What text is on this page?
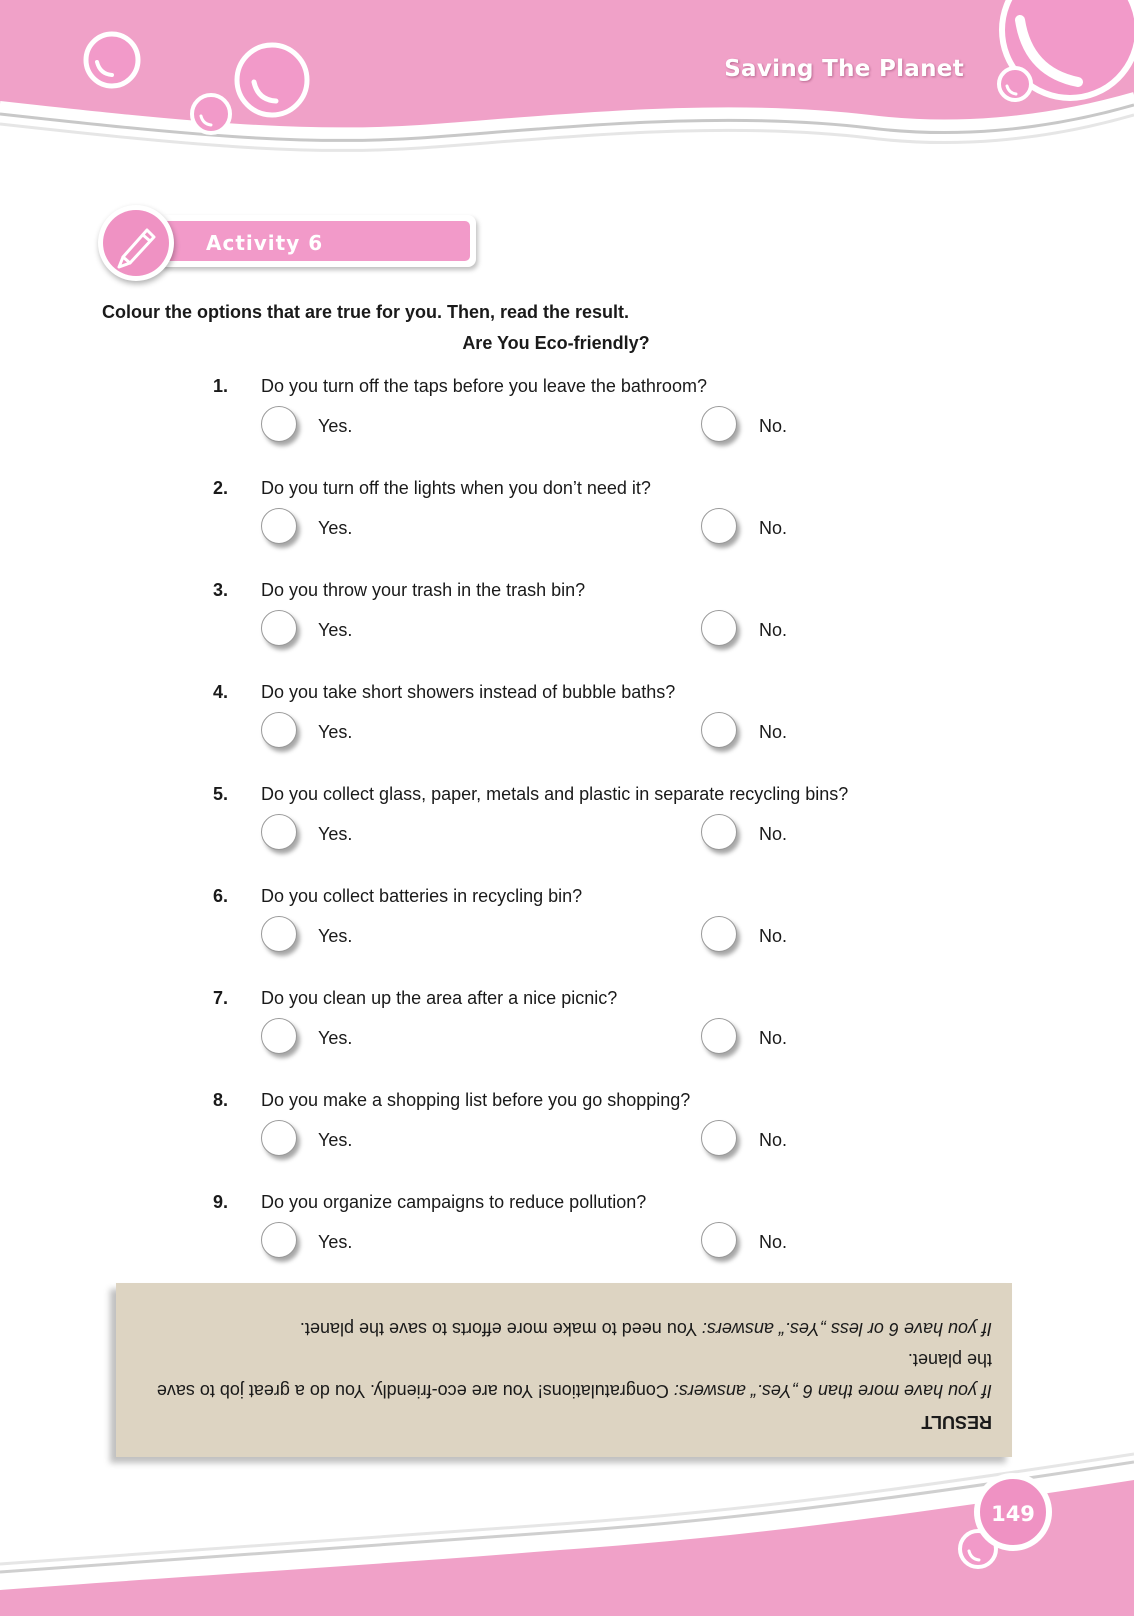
Saving The Planet
Activity 6
Colour the options that are true for you. Then, read the result.
Are You Eco-friendly?
1. Do you turn off the taps before you leave the bathroom?
Yes.	No.
2. Do you turn off the lights when you don’t need it?
Yes.	No.
3. Do you throw your trash in the trash bin?
Yes.	No.
4. Do you take short showers instead of bubble baths?
Yes.	No.
5. Do you collect glass, paper, metals and plastic in separate recycling bins?
Yes.	No.
6. Do you collect batteries in recycling bin?
Yes.	No.
7. Do you clean up the area after a nice picnic?
Yes.	No.
8. Do you make a shopping list before you go shopping?
Yes.	No.
9. Do you organize campaigns to reduce pollution?
Yes.	No.
RESULT

If you have more than 6 „Yes.“ answers: Congratulations! You are eco-friendly. You do a great job to save the planet.

If you have 6 or less „Yes.“ answers: You need to make more efforts to save the planet.

149
